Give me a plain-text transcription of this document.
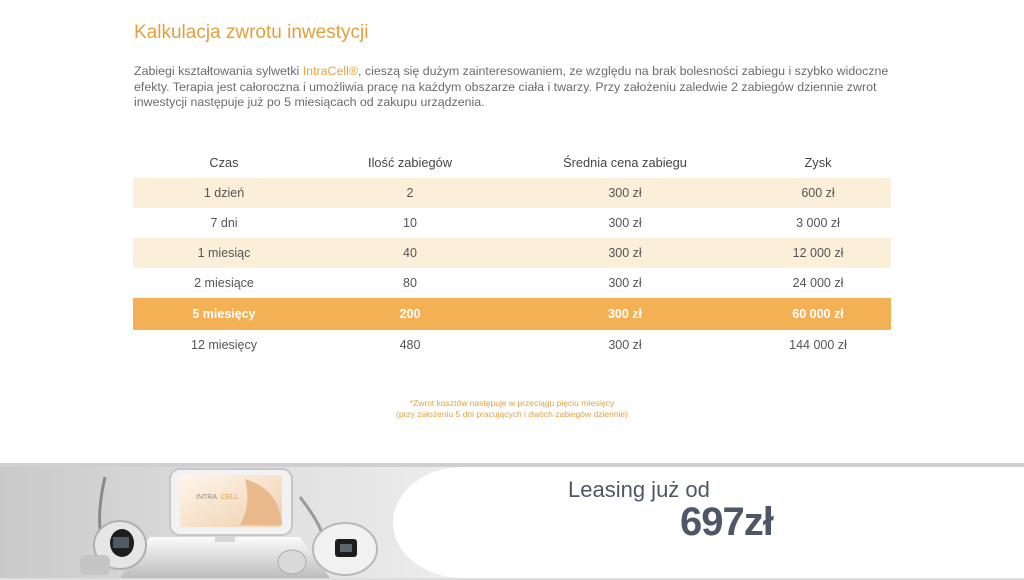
Kalkulacja zwrotu inwestycji

Zabiegi kształtowania sylwetki IntraCell®, cieszą się dużym zainteresowaniem, ze względu na brak bolesności zabiegu i szybko widoczne efekty. Terapia jest całoroczna i umożliwia pracę na każdym obszarze ciała i twarzy. Przy założeniu zaledwie 2 zabiegów dziennie zwrot inwestycji następuje już po 5 miesiącach od zakupu urządzenia.

Czas	Ilość zabiegów	Średnia cena zabiegu	Zysk
1 dzień	2	300 zł	600 zł
7 dni	10	300 zł	3 000 zł
1 miesiąc	40	300 zł	12 000 zł
2 miesiące	80	300 zł	24 000 zł
5 miesięcy	200	300 zł	60 000 zł
12 miesięcy	480	300 zł	144 000 zł
*Zwrot kosztów następuje w przeciągu pięciu miesięcy
(przy założeniu 5 dni pracujących i dwóch zabiegów dziennie)
Leasing już od
697zł
INTRA CELL
